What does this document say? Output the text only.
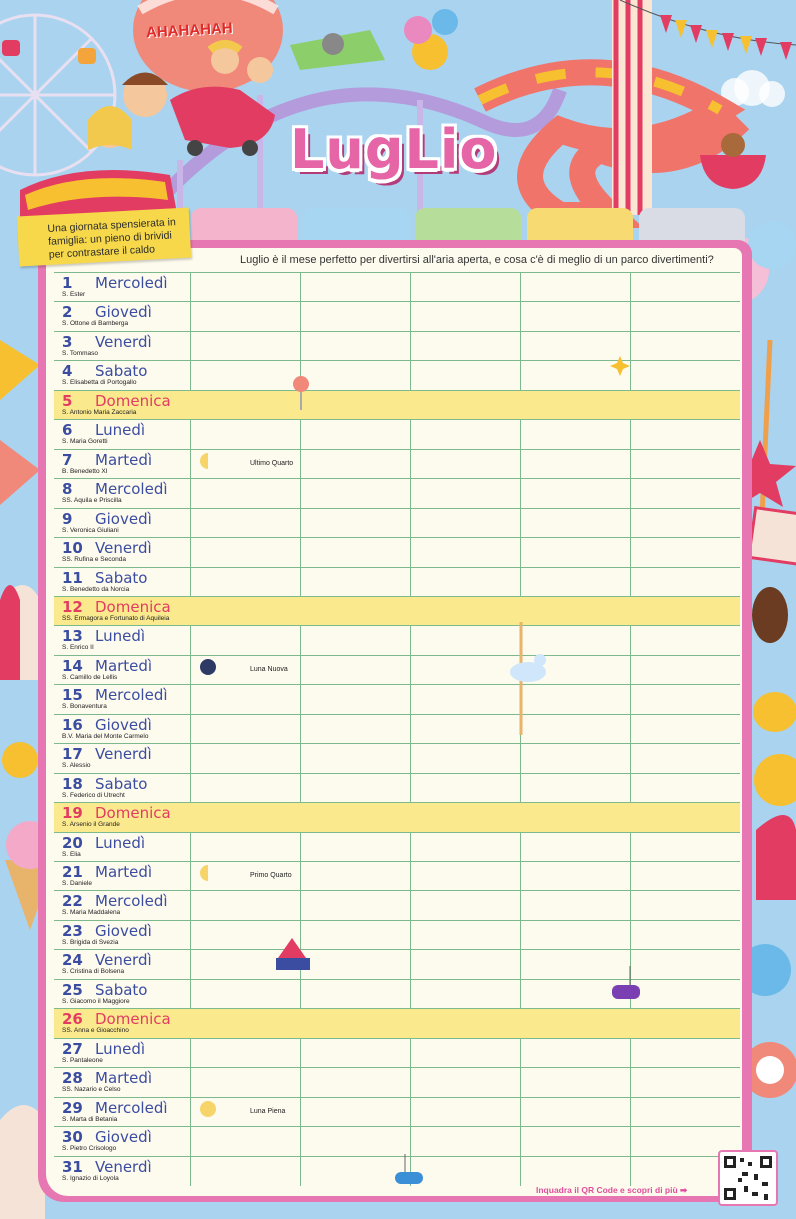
AHAHAHAH
LugLio
Una giornata spensierata in famiglia: un pieno di brividi per contrastare il caldo	Luglio è il mese perfetto per divertirsi all'aria aperta, e cosa c'è di meglio di un parco divertimenti?
1 Mercoledì
S. Ester
2 Giovedì
S. Ottone di Bamberga
3 Venerdì
S. Tommaso
4 Sabato
S. Elisabetta di Portogallo
5 Domenica
S. Antonio Maria Zaccaria
6 Lunedì
S. Maria Goretti
7 Martedì
B. Benedetto XI
Ultimo Quarto
8 Mercoledì
SS. Aquila e Priscilla
9 Giovedì
S. Veronica Giuliani
10 Venerdì
SS. Rufina e Seconda
11 Sabato
S. Benedetto da Norcia
12 Domenica
SS. Ermagora e Fortunato di Aquileia
13 Lunedì
S. Enrico II
14 Martedì
S. Camillo de Lellis
Luna Nuova
15 Mercoledì
S. Bonaventura
16 Giovedì
B.V. Maria del Monte Carmelo
17 Venerdì
S. Alessio
18 Sabato
S. Federico di Utrecht
19 Domenica
S. Arsenio il Grande
20 Lunedì
S. Elia
21 Martedì
S. Daniele
Primo Quarto
22 Mercoledì
S. Maria Maddalena
23 Giovedì
S. Brigida di Svezia
24 Venerdì
S. Cristina di Bolsena
25 Sabato
S. Giacomo il Maggiore
26 Domenica
SS. Anna e Gioacchino
27 Lunedì
S. Pantaleone
28 Martedì
SS. Nazario e Celso
29 Mercoledì
S. Marta di Betania
Luna Piena
30 Giovedì
S. Pietro Crisologo
31 Venerdì
S. Ignazio di Loyola
Inquadra il QR Code e scopri di più ➡
